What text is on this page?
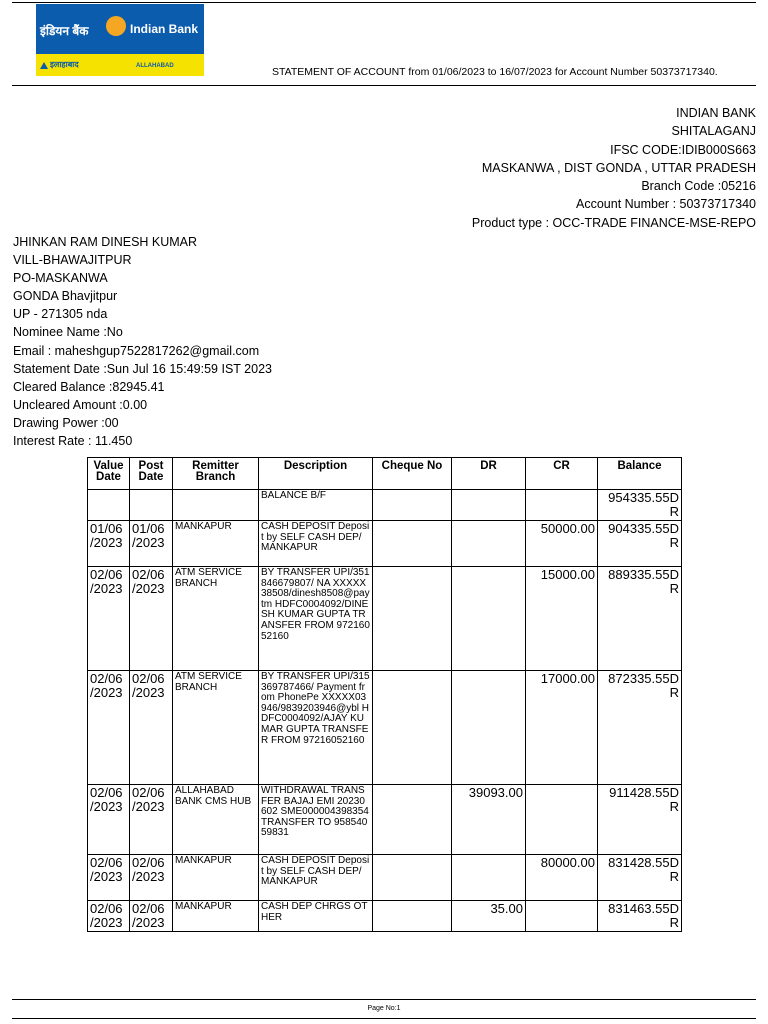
इंडियन बैंक	Indian Bank
इलाहाबाद	ALLAHABAD	STATEMENT OF ACCOUNT from 01/06/2023 to 16/07/2023 for Account Number 50373717340.
INDIAN BANK
SHITALAGANJ
IFSC CODE:IDIB000S663
MASKANWA , DIST GONDA , UTTAR PRADESH
Branch Code :05216
Account Number : 50373717340
Product type : OCC-TRADE FINANCE-MSE-REPO
JHINKAN RAM DINESH KUMAR
VILL-BHAWAJITPUR
PO-MASKANWA
GONDA Bhavjitpur
UP - 271305 nda
Nominee Name :No
Email : maheshgup7522817262@gmail.com
Statement Date :Sun Jul 16 15:49:59 IST 2023
Cleared Balance :82945.41
Uncleared Amount :0.00
Drawing Power :00
Interest Rate : 11.450
Value Date	Post Date	Remitter Branch	Description	Cheque No	DR	CR	Balance
			BALANCE B/F				954335.55DR
01/06 /2023	01/06 /2023	MANKAPUR	CASH DEPOSIT Deposit by SELF CASH DEP/ MANKAPUR			50000.00	904335.55DR
02/06 /2023	02/06 /2023	ATM SERVICE BRANCH	BY TRANSFER UPI/351846679807/ NA XXXXX38508/dinesh8508@paytm HDFC0004092/DINESH KUMAR GUPTA TRANSFER FROM 97216052160			15000.00	889335.55DR
02/06 /2023	02/06 /2023	ATM SERVICE BRANCH	BY TRANSFER UPI/315369787466/ Payment from PhonePe XXXXX03946/9839203946@ybl HDFC0004092/AJAY KUMAR GUPTA TRANSFER FROM 97216052160			17000.00	872335.55DR
02/06 /2023	02/06 /2023	ALLAHABAD BANK CMS HUB	WITHDRAWAL TRANSFER BAJAJ EMI 20230602 SME000004398354 TRANSFER TO 95854059831		39093.00		911428.55DR
02/06 /2023	02/06 /2023	MANKAPUR	CASH DEPOSIT Deposit by SELF CASH DEP/ MANKAPUR			80000.00	831428.55DR
02/06 /2023	02/06 /2023	MANKAPUR	CASH DEP CHRGS OTHER		35.00		831463.55DR
Page No:1
